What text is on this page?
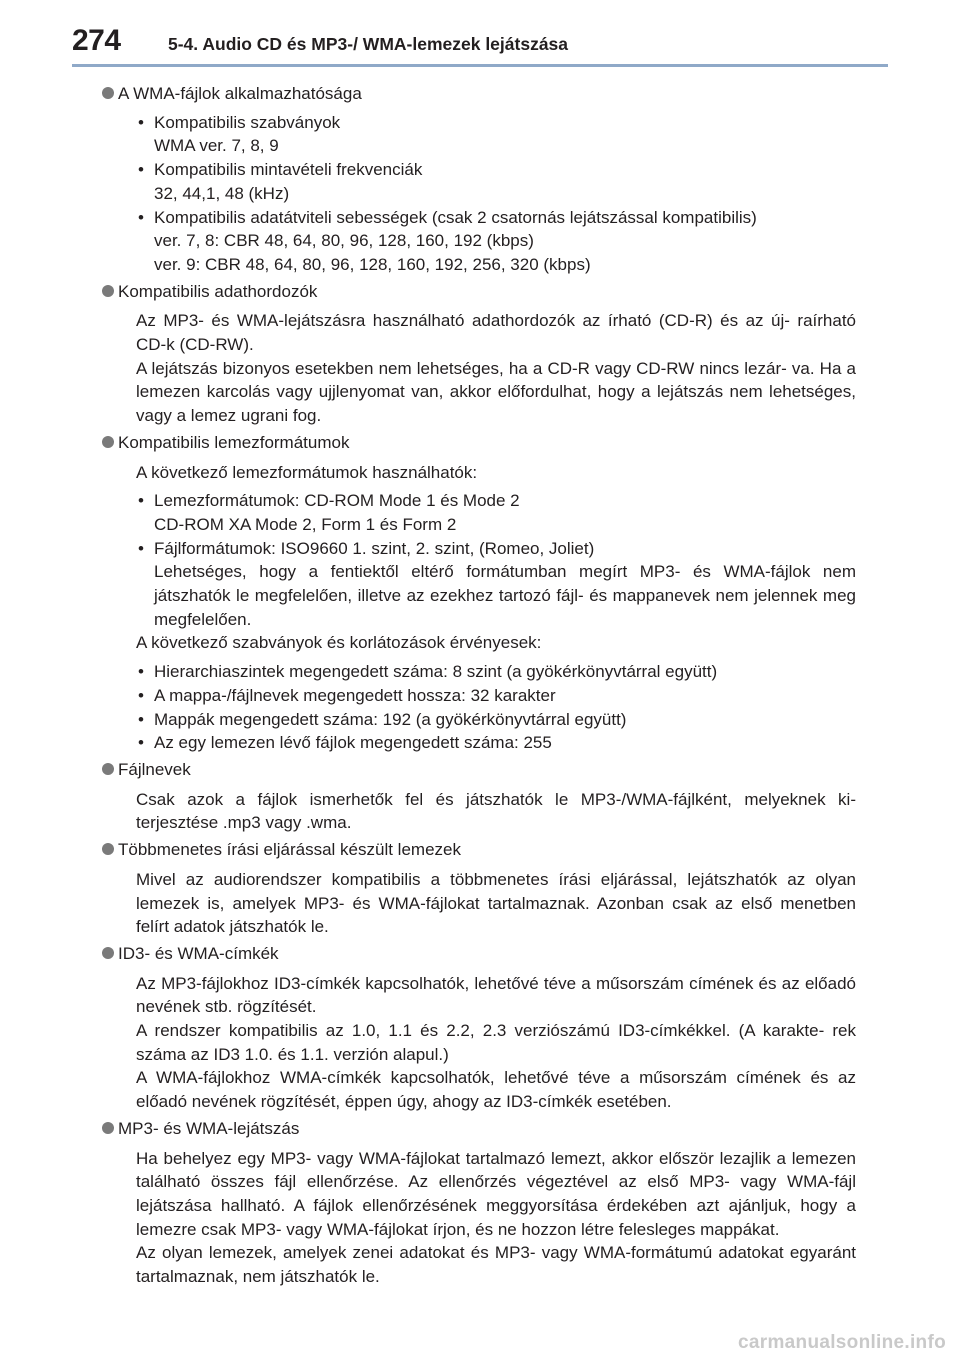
274	5-4. Audio CD és MP3-/ WMA-lemezek lejátszása
A WMA-fájlok alkalmazhatósága
• Kompatibilis szabványok
WMA ver. 7, 8, 9
• Kompatibilis mintavételi frekvenciák
32, 44,1, 48 (kHz)
• Kompatibilis adatátviteli sebességek (csak 2 csatornás lejátszással kompatibilis)
ver. 7, 8: CBR 48, 64, 80, 96, 128, 160, 192 (kbps)
ver. 9: CBR 48, 64, 80, 96, 128, 160, 192, 256, 320 (kbps)
Kompatibilis adathordozók
Az MP3- és WMA-lejátszásra használható adathordozók az írható (CD-R) és az új- raírható CD-k (CD-RW).
A lejátszás bizonyos esetekben nem lehetséges, ha a CD-R vagy CD-RW nincs lezár- va. Ha a lemezen karcolás vagy ujjlenyomat van, akkor előfordulhat, hogy a lejátszás nem lehetséges, vagy a lemez ugrani fog.
Kompatibilis lemezformátumok
A következő lemezformátumok használhatók:
• Lemezformátumok: CD-ROM Mode 1 és Mode 2
CD-ROM XA Mode 2, Form 1 és Form 2
• Fájlformátumok: ISO9660 1. szint, 2. szint, (Romeo, Joliet)
Lehetséges, hogy a fentiektől eltérő formátumban megírt MP3- és WMA-fájlok nem játszhatók le megfelelően, illetve az ezekhez tartozó fájl- és mappanevek nem jelennek meg megfelelően.
A következő szabványok és korlátozások érvényesek:
• Hierarchiaszintek megengedett száma: 8 szint (a gyökérkönyvtárral együtt)
• A mappa-/fájlnevek megengedett hossza: 32 karakter
• Mappák megengedett száma: 192 (a gyökérkönyvtárral együtt)
• Az egy lemezen lévő fájlok megengedett száma: 255
Fájlnevek
Csak azok a fájlok ismerhetők fel és játszhatók le MP3-/WMA-fájlként, melyeknek ki- terjesztése .mp3 vagy .wma.
Többmenetes írási eljárással készült lemezek
Mivel az audiorendszer kompatibilis a többmenetes írási eljárással, lejátszhatók az olyan lemezek is, amelyek MP3- és WMA-fájlokat tartalmaznak. Azonban csak az első menetben felírt adatok játszhatók le.
ID3- és WMA-címkék
Az MP3-fájlokhoz ID3-címkék kapcsolhatók, lehetővé téve a műsorszám címének és az előadó nevének stb. rögzítését.
A rendszer kompatibilis az 1.0, 1.1 és 2.2, 2.3 verziószámú ID3-címkékkel. (A karakte- rek száma az ID3 1.0. és 1.1. verzión alapul.)
A WMA-fájlokhoz WMA-címkék kapcsolhatók, lehetővé téve a műsorszám címének és az előadó nevének rögzítését, éppen úgy, ahogy az ID3-címkék esetében.
MP3- és WMA-lejátszás
Ha behelyez egy MP3- vagy WMA-fájlokat tartalmazó lemezt, akkor először lezajlik a lemezen található összes fájl ellenőrzése. Az ellenőrzés végeztével az első MP3- vagy WMA-fájl lejátszása hallható. A fájlok ellenőrzésének meggyorsítása érdekében azt ajánljuk, hogy a lemezre csak MP3- vagy WMA-fájlokat írjon, és ne hozzon létre felesleges mappákat.
Az olyan lemezek, amelyek zenei adatokat és MP3- vagy WMA-formátumú adatokat egyaránt tartalmaznak, nem játszhatók le.
carmanualsonline.info
